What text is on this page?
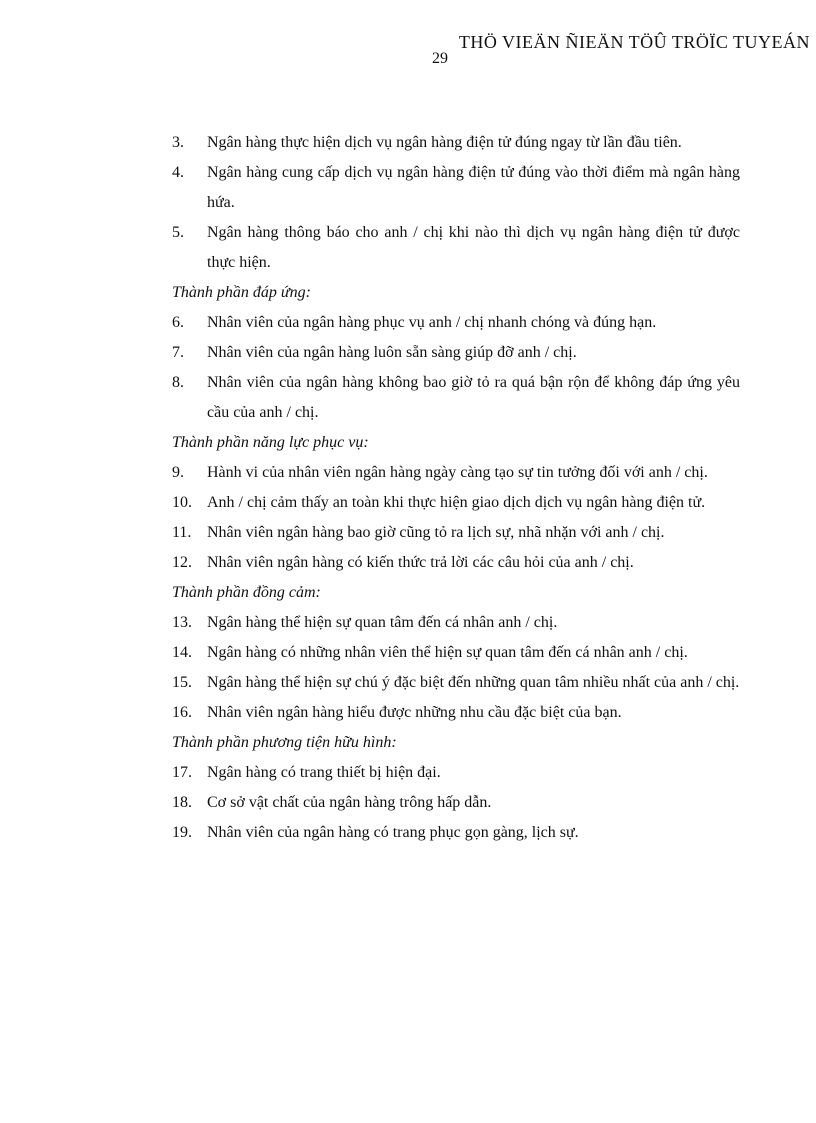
THÖ VIEÄN ÑIEÄN TÖÛ TRÖÏC TUYEÁN
29
3.	Ngân hàng thực hiện dịch vụ ngân hàng điện tử đúng ngay từ lần đầu tiên.
4.	Ngân hàng cung cấp dịch vụ ngân hàng điện tử đúng vào thời điểm mà ngân hàng hứa.
5.	Ngân hàng thông báo cho anh / chị khi nào thì dịch vụ ngân hàng điện tử được thực hiện.
Thành phần đáp ứng:
6.	Nhân viên của ngân hàng phục vụ anh / chị nhanh chóng và đúng hạn.
7.	Nhân viên của ngân hàng luôn sẵn sàng giúp đỡ anh / chị.
8.	Nhân viên của ngân hàng không bao giờ tỏ ra quá bận rộn để không đáp ứng yêu cầu của anh / chị.
Thành phần năng lực phục vụ:
9.	Hành vi của nhân viên ngân hàng ngày càng tạo sự tin tưởng đối với anh / chị.
10. Anh / chị cảm thấy an toàn khi thực hiện giao dịch dịch vụ ngân hàng điện tử.
11. Nhân viên ngân hàng bao giờ cũng tỏ ra lịch sự, nhã nhặn với anh / chị.
12. Nhân viên ngân hàng có kiến thức trả lời các câu hỏi của anh / chị.
Thành phần đồng cảm:
13. Ngân hàng thể hiện sự quan tâm đến cá nhân anh / chị.
14. Ngân hàng có những nhân viên thể hiện sự quan tâm đến cá nhân anh / chị.
15. Ngân hàng thể hiện sự chú ý đặc biệt đến những quan tâm nhiều nhất của anh / chị.
16. Nhân viên ngân hàng hiểu được những nhu cầu đặc biệt của bạn.
Thành phần phương tiện hữu hình:
17. Ngân hàng có trang thiết bị hiện đại.
18. Cơ sở vật chất của ngân hàng trông hấp dẫn.
19. Nhân viên của ngân hàng có trang phục gọn gàng, lịch sự.
